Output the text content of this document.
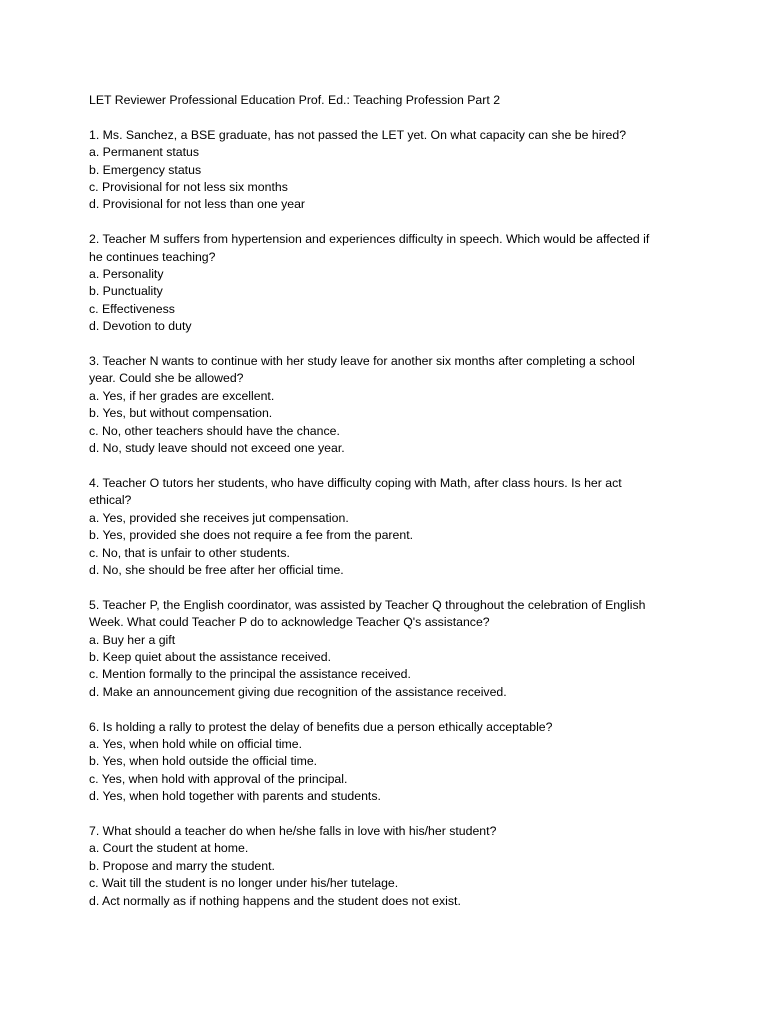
LET Reviewer Professional Education Prof. Ed.: Teaching Profession Part 2

1. Ms. Sanchez, a BSE graduate, has not passed the LET yet. On what capacity can she be hired?

a. Permanent status

b. Emergency status

c. Provisional for not less six months

d. Provisional for not less than one year

2. Teacher M suffers from hypertension and experiences difficulty in speech. Which would be affected if

he continues teaching?

a. Personality

b. Punctuality

c. Effectiveness

d. Devotion to duty

3. Teacher N wants to continue with her study leave for another six months after completing a school

year. Could she be allowed?

a. Yes, if her grades are excellent.

b. Yes, but without compensation.

c. No, other teachers should have the chance.

d. No, study leave should not exceed one year.

4. Teacher O tutors her students, who have difficulty coping with Math, after class hours. Is her act

ethical?

a. Yes, provided she receives jut compensation.

b. Yes, provided she does not require a fee from the parent.

c. No, that is unfair to other students.

d. No, she should be free after her official time.

5. Teacher P, the English coordinator, was assisted by Teacher Q throughout the celebration of English

Week. What could Teacher P do to acknowledge Teacher Q's assistance?

a. Buy her a gift

b. Keep quiet about the assistance received.

c. Mention formally to the principal the assistance received.

d. Make an announcement giving due recognition of the assistance received.

6. Is holding a rally to protest the delay of benefits due a person ethically acceptable?

a. Yes, when hold while on official time.

b. Yes, when hold outside the official time.

c. Yes, when hold with approval of the principal.

d. Yes, when hold together with parents and students.

7. What should a teacher do when he/she falls in love with his/her student?

a. Court the student at home.

b. Propose and marry the student.

c. Wait till the student is no longer under his/her tutelage.

d. Act normally as if nothing happens and the student does not exist.
